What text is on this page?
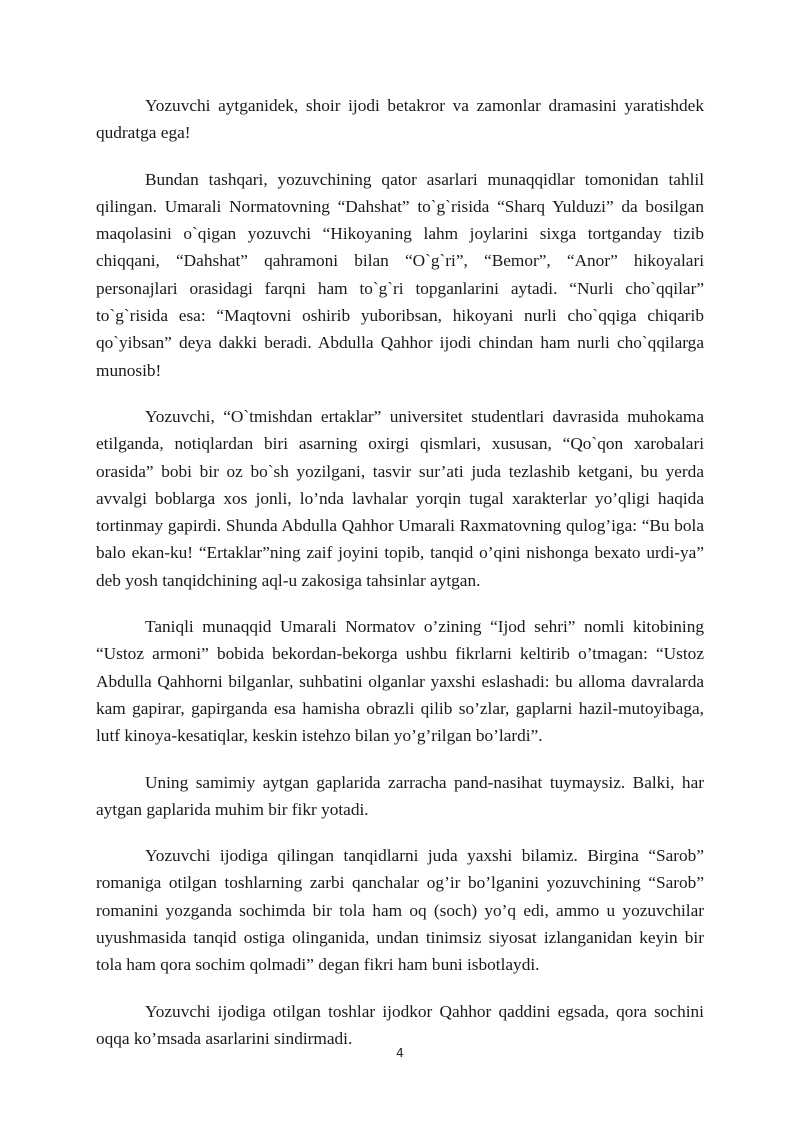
Yozuvchi aytganidek, shoir ijodi betakror va zamonlar dramasini yaratishdek qudratga ega!

Bundan tashqari, yozuvchining qator asarlari munaqqidlar tomonidan tahlil qilingan. Umarali Normatovning “Dahshat” to`g`risida “Sharq Yulduzi” da bosilgan maqolasini o`qigan yozuvchi “Hikoyaning lahm joylarini sixga tortganday tizib chiqqani, “Dahshat” qahramoni bilan “O`g`ri”, “Bemor”, “Anor” hikoyalari personajlari orasidagi farqni ham to`g`ri topganlarini aytadi. “Nurli cho`qqilar” to`g`risida esa: “Maqtovni oshirib yuboribsan, hikoyani nurli cho`qqiga chiqarib qo`yibsan” deya dakki beradi. Abdulla Qahhor ijodi chindan ham nurli cho`qqilarga munosib!

Yozuvchi, “O`tmishdan ertaklar” universitet studentlari davrasida muhokama etilganda, notiqlardan biri asarning oxirgi qismlari, xususan, “Qo`qon xarobalari orasida” bobi bir oz bo`sh yozilgani, tasvir sur’ati juda tezlashib ketgani, bu yerda avvalgi boblarga xos jonli, lo’nda lavhalar yorqin tugal xarakterlar yo’qligi haqida tortinmay gapirdi. Shunda Abdulla Qahhor Umarali Raxmatovning qulog’iga: “Bu bola balo ekan-ku! “Ertaklar”ning zaif joyini topib, tanqid o’qini nishonga bexato urdi-ya” deb yosh tanqidchining aql-u zakosiga tahsinlar aytgan.

Taniqli munaqqid Umarali Normatov o’zining “Ijod sehri” nomli kitobining “Ustoz armoni” bobida bekordan-bekorga ushbu fikrlarni keltirib o’tmagan: “Ustoz Abdulla Qahhorni bilganlar, suhbatini olganlar yaxshi eslashadi: bu alloma davralarda kam gapirar, gapirganda esa hamisha obrazli qilib so’zlar, gaplarni hazil-mutoyibaga, lutf kinoya-kesatiqlar, keskin istehzo bilan yo’g’rilgan bo’lardi”.

Uning samimiy aytgan gaplarida zarracha pand-nasihat tuymaysiz. Balki, har aytgan gaplarida muhim bir fikr yotadi.

Yozuvchi ijodiga qilingan tanqidlarni juda yaxshi bilamiz. Birgina “Sarob” romaniga otilgan toshlarning zarbi qanchalar og’ir bo’lganini yozuvchining “Sarob” romanini yozganda sochimda bir tola ham oq (soch) yo’q edi, ammo u yozuvchilar uyushmasida tanqid ostiga olinganida, undan tinimsiz siyosat izlanganidan keyin bir tola ham qora sochim qolmadi” degan fikri ham buni isbotlaydi.

Yozuvchi ijodiga otilgan toshlar ijodkor Qahhor qaddini egsada, qora sochini oqqa ko’msada asarlarini sindirmadi.

4
